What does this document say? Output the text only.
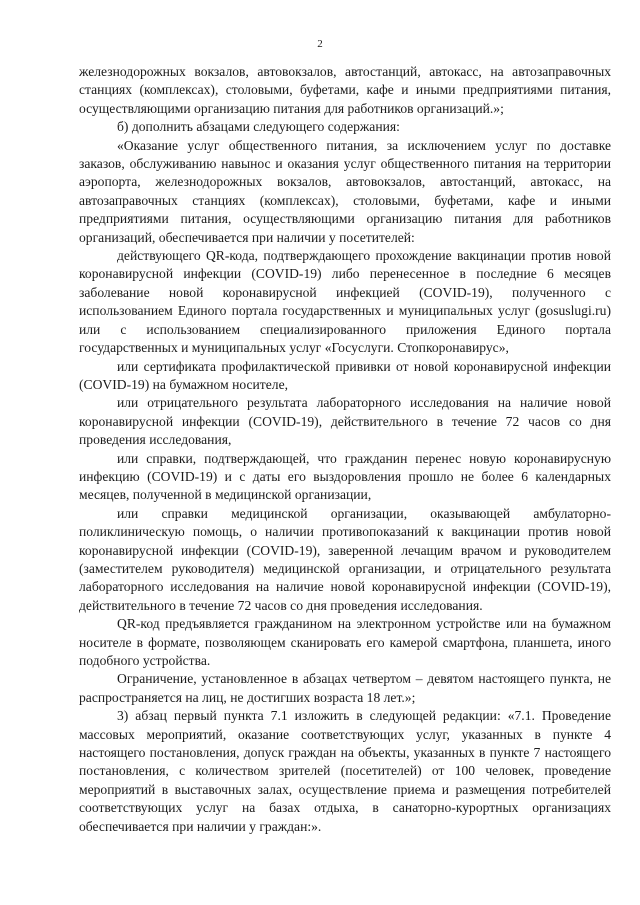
2

железнодорожных вокзалов, автовокзалов, автостанций, автокасс, на автозаправочных станциях (комплексах), столовыми, буфетами, кафе и иными предприятиями питания, осуществляющими организацию питания для работников организаций.»;

б) дополнить абзацами следующего содержания:

«Оказание услуг общественного питания, за исключением услуг по доставке заказов, обслуживанию навынос и оказания услуг общественного питания на территории аэропорта, железнодорожных вокзалов, автовокзалов, автостанций, автокасс, на автозаправочных станциях (комплексах), столовыми, буфетами, кафе и иными предприятиями питания, осуществляющими организацию питания для работников организаций, обеспечивается при наличии у посетителей:

действующего QR-кода, подтверждающего прохождение вакцинации против новой коронавирусной инфекции (COVID-19) либо перенесенное в последние 6 месяцев заболевание новой коронавирусной инфекцией (COVID-19), полученного с использованием Единого портала государственных и муниципальных услуг (gosuslugi.ru) или с использованием специализированного приложения Единого портала государственных и муниципальных услуг «Госуслуги. Стопкоронавирус»,

или сертификата профилактической прививки от новой коронавирусной инфекции (COVID-19) на бумажном носителе,

или отрицательного результата лабораторного исследования на наличие новой коронавирусной инфекции (COVID-19), действительного в течение 72 часов со дня проведения исследования,

или справки, подтверждающей, что гражданин перенес новую коронавирусную инфекцию (COVID-19) и с даты его выздоровления прошло не более 6 календарных месяцев, полученной в медицинской организации,

или справки медицинской организации, оказывающей амбулаторно-поликлиническую помощь, о наличии противопоказаний к вакцинации против новой коронавирусной инфекции (COVID-19), заверенной лечащим врачом и руководителем (заместителем руководителя) медицинской организации, и отрицательного результата лабораторного исследования на наличие новой коронавирусной инфекции (COVID-19), действительного в течение 72 часов со дня проведения исследования.

QR-код предъявляется гражданином на электронном устройстве или на бумажном носителе в формате, позволяющем сканировать его камерой смартфона, планшета, иного подобного устройства.

Ограничение, установленное в абзацах четвертом – девятом настоящего пункта, не распространяется на лиц, не достигших возраста 18 лет.»;

3) абзац первый пункта 7.1 изложить в следующей редакции: «7.1. Проведение массовых мероприятий, оказание соответствующих услуг, указанных в пункте 4 настоящего постановления, допуск граждан на объекты, указанных в пункте 7 настоящего постановления, с количеством зрителей (посетителей) от 100 человек, проведение мероприятий в выставочных залах, осуществление приема и размещения потребителей соответствующих услуг на базах отдыха, в санаторно-курортных организациях обеспечивается при наличии у граждан:».
